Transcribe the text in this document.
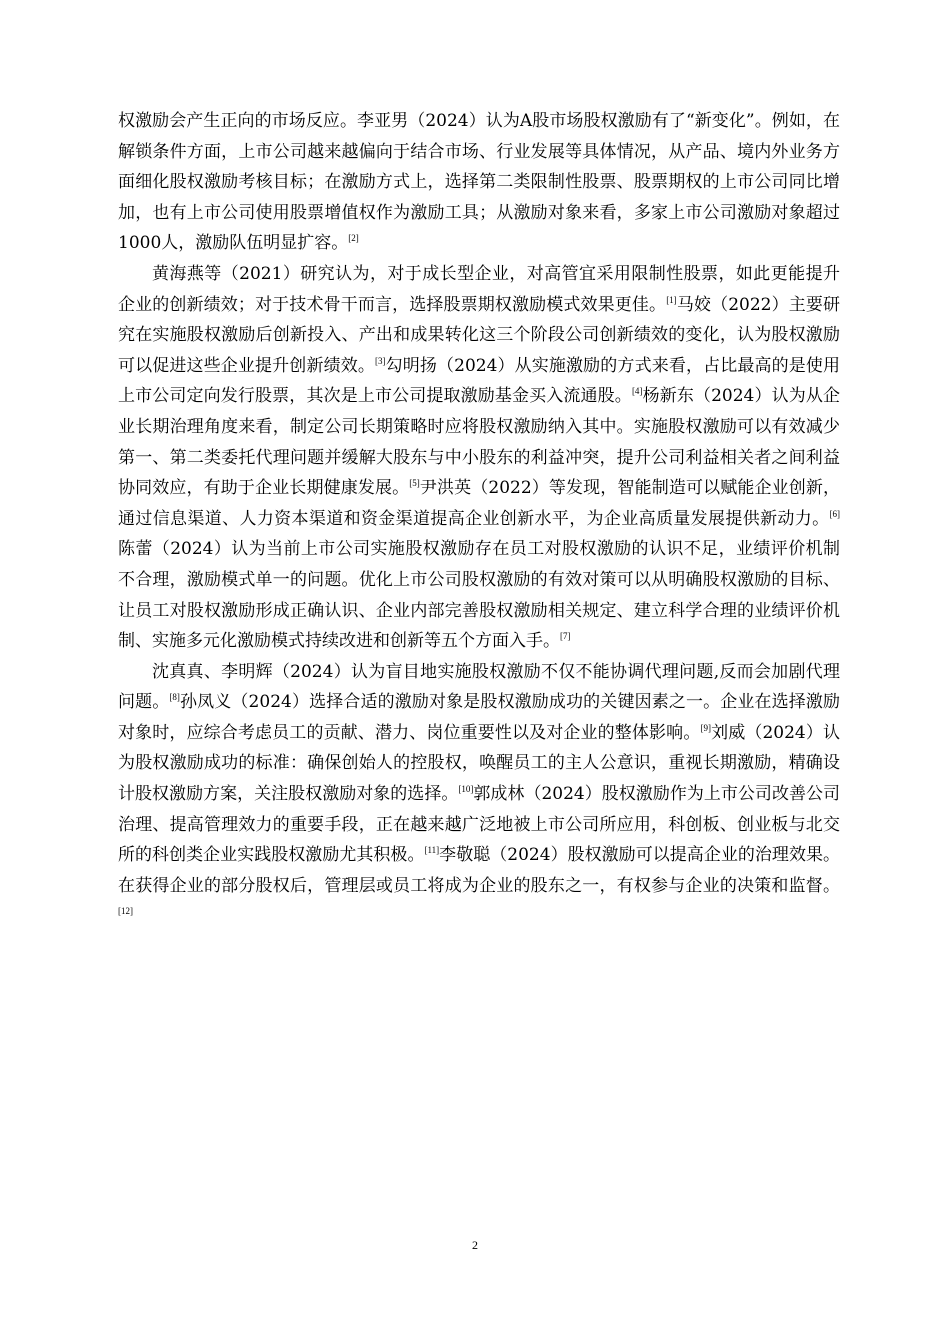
权激励会产生正向的市场反应。李亚男（2024）认为A股市场股权激励有了“新变化”。例如，在解锁条件方面，上市公司越来越偏向于结合市场、行业发展等具体情况，从产品、境内外业务方面细化股权激励考核目标；在激励方式上，选择第二类限制性股票、股票期权的上市公司同比增加，也有上市公司使用股票增值权作为激励工具；从激励对象来看，多家上市公司激励对象超过1000人，激励队伍明显扩容。[2]

黄海燕等（2021）研究认为，对于成长型企业，对高管宜采用限制性股票，如此更能提升企业的创新绩效；对于技术骨干而言，选择股票期权激励模式效果更佳。[1]马姣（2022）主要研究在实施股权激励后创新投入、产出和成果转化这三个阶段公司创新绩效的变化，认为股权激励可以促进这些企业提升创新绩效。[3]勾明扬（2024）从实施激励的方式来看，占比最高的是使用上市公司定向发行股票，其次是上市公司提取激励基金买入流通股。[4]杨新东（2024）认为从企业长期治理角度来看，制定公司长期策略时应将股权激励纳入其中。实施股权激励可以有效减少第一、第二类委托代理问题并缓解大股东与中小股东的利益冲突，提升公司利益相关者之间利益协同效应，有助于企业长期健康发展。[5]尹洪英（2022）等发现，智能制造可以赋能企业创新，通过信息渠道、人力资本渠道和资金渠道提高企业创新水平，为企业高质量发展提供新动力。[6]陈蕾（2024）认为当前上市公司实施股权激励存在员工对股权激励的认识不足，业绩评价机制不合理，激励模式单一的问题。优化上市公司股权激励的有效对策可以从明确股权激励的目标、让员工对股权激励形成正确认识、企业内部完善股权激励相关规定、建立科学合理的业绩评价机制、实施多元化激励模式持续改进和创新等五个方面入手。[7]

沈真真、李明辉（2024）认为盲目地实施股权激励不仅不能协调代理问题,反而会加剧代理问题。[8]孙凤义（2024）选择合适的激励对象是股权激励成功的关键因素之一。企业在选择激励对象时，应综合考虑员工的贡献、潜力、岗位重要性以及对企业的整体影响。[9]刘威（2024）认为股权激励成功的标准：确保创始人的控股权，唤醒员工的主人公意识，重视长期激励，精确设计股权激励方案，关注股权激励对象的选择。[10]郭成林（2024）股权激励作为上市公司改善公司治理、提高管理效力的重要手段，正在越来越广泛地被上市公司所应用，科创板、创业板与北交所的科创类企业实践股权激励尤其积极。[11]李敬聪（2024）股权激励可以提高企业的治理效果。在获得企业的部分股权后，管理层或员工将成为企业的股东之一，有权参与企业的决策和监督。[12]

2
